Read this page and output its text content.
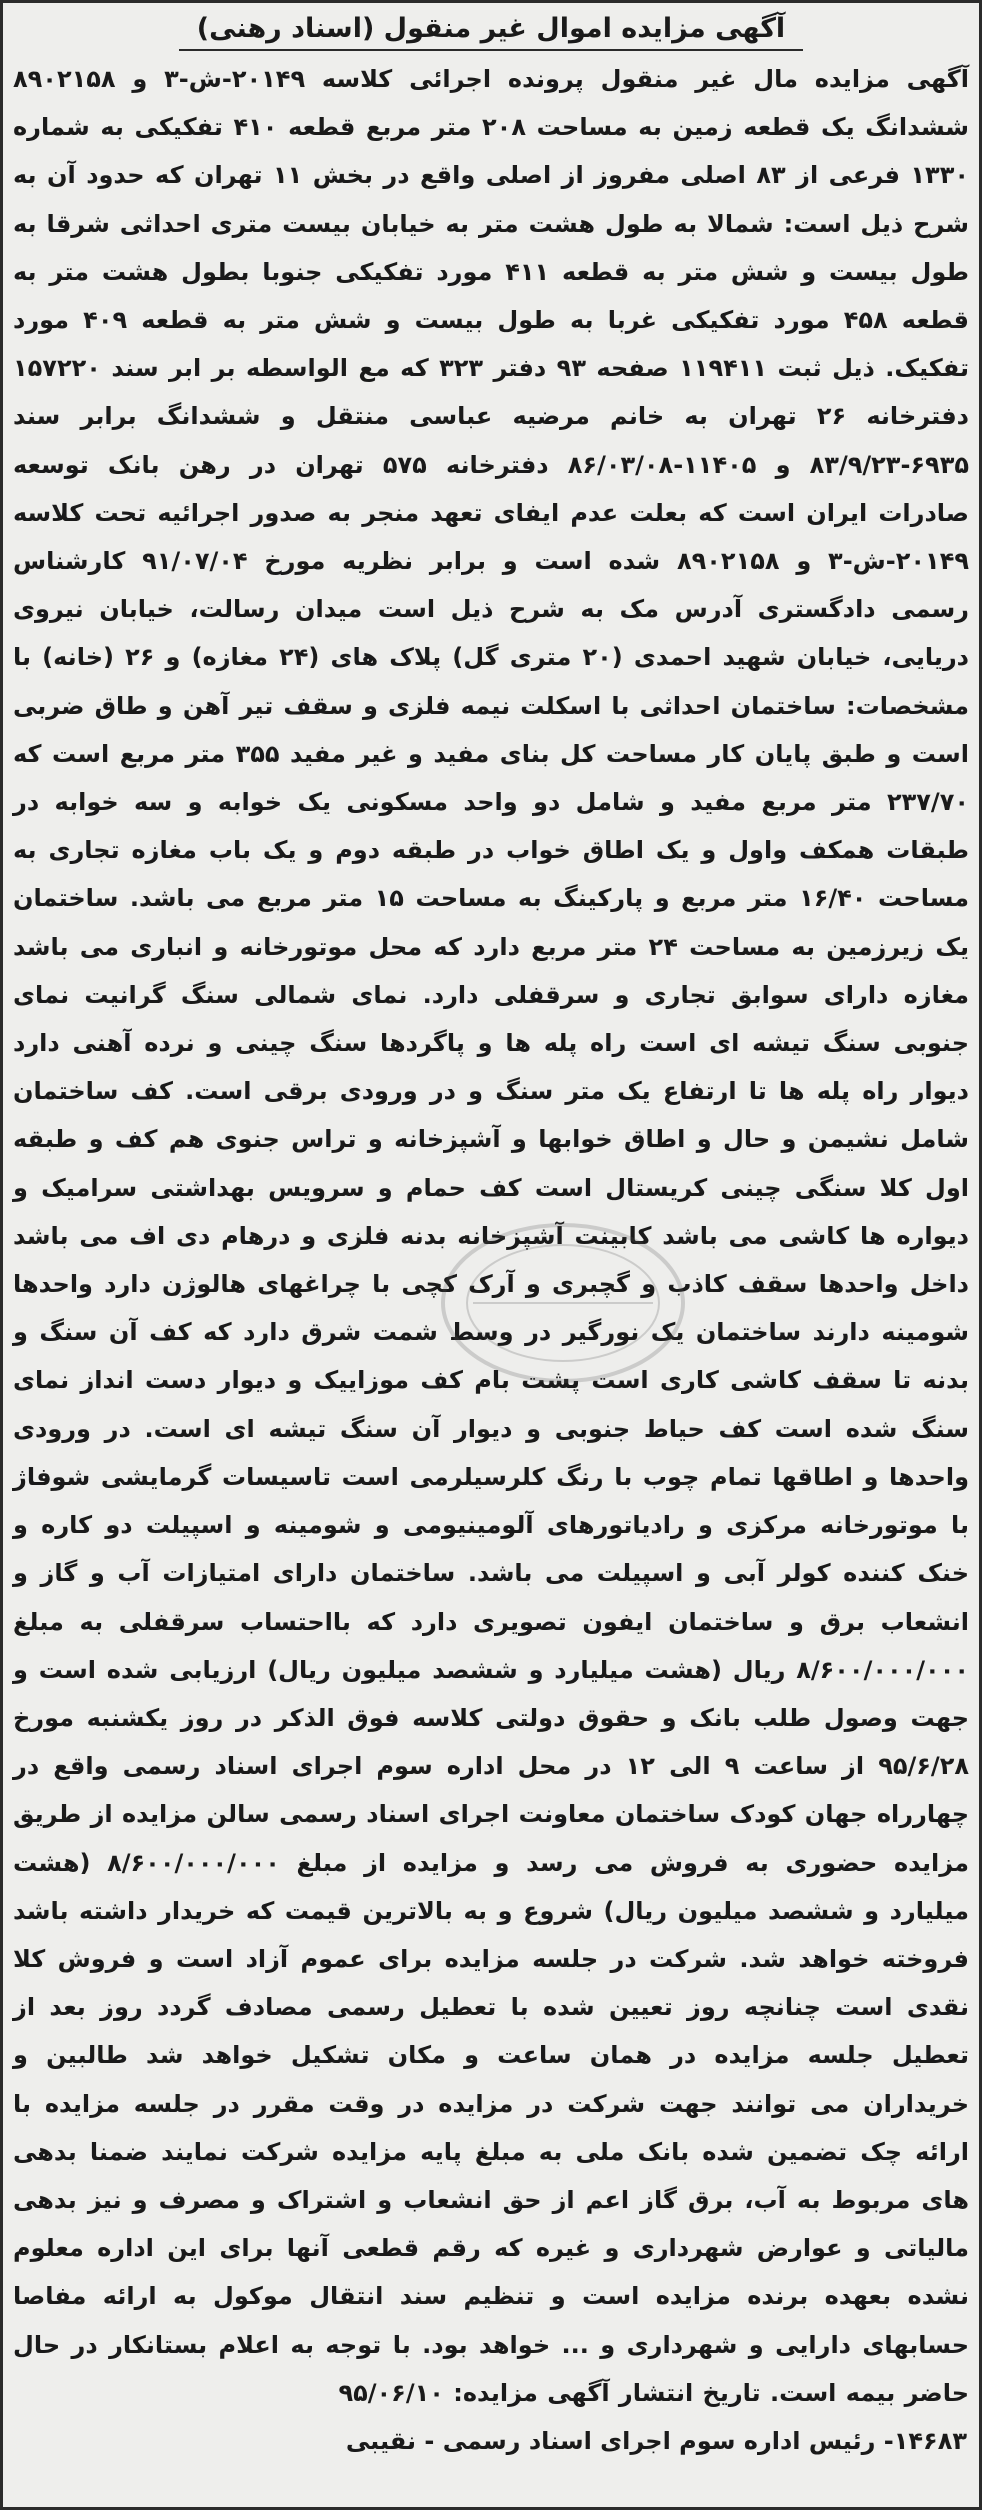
آگهی مزایده اموال غیر منقول (اسناد رهنی)
آگهی مزایده مال غیر منقول پرونده اجرائی کلاسه ۲۰۱۴۹-ش-۳ و ۸۹۰۲۱۵۸ ششدانگ یک قطعه زمین به مساحت ۲۰۸ متر مربع قطعه ۴۱۰ تفکیکی به شماره ۱۳۳۰ فرعی از ۸۳ اصلی مفروز از اصلی واقع در بخش ۱۱ تهران که حدود آن به شرح ذیل است: شمالا به طول هشت متر به خیابان بیست متری احداثی شرقا به طول بیست و شش متر به قطعه ۴۱۱ مورد تفکیکی جنوبا بطول هشت متر به قطعه ۴۵۸ مورد تفکیکی غربا به طول بیست و شش متر به قطعه ۴۰۹ مورد تفکیک. ذیل ثبت ۱۱۹۴۱۱ صفحه ۹۳ دفتر ۳۲۳ که مع الواسطه بر ابر سند ۱۵۷۲۲۰ دفترخانه ۲۶ تهران به خانم مرضیه عباسی منتقل و ششدانگ برابر سند ۶۹۳۵-۸۳/۹/۲۳ و ۱۱۴۰۵-۸۶/۰۳/۰۸ دفترخانه ۵۷۵ تهران در رهن بانک توسعه صادرات ایران است که بعلت عدم ایفای تعهد منجر به صدور اجرائیه تحت کلاسه ۲۰۱۴۹-ش-۳ و ۸۹۰۲۱۵۸ شده است و برابر نظریه مورخ ۹۱/۰۷/۰۴ کارشناس رسمی دادگستری آدرس مک به شرح ذیل است میدان رسالت، خیابان نیروی دریایی، خیابان شهید احمدی (۲۰ متری گل) پلاک های (۲۴ مغازه) و ۲۶ (خانه) با مشخصات: ساختمان احداثی با اسکلت نیمه فلزی و سقف تیر آهن و طاق ضربی است و طبق پایان کار مساحت کل بنای مفید و غیر مفید ۳۵۵ متر مربع است که ۲۳۷/۷۰ متر مربع مفید و شامل دو واحد مسکونی یک خوابه و سه خوابه در طبقات همکف واول و یک اطاق خواب در طبقه دوم و یک باب مغازه تجاری به مساحت ۱۶/۴۰ متر مربع و پارکینگ به مساحت ۱۵ متر مربع می باشد. ساختمان یک زیرزمین به مساحت ۲۴ متر مربع دارد که محل موتورخانه و انباری می باشد مغازه دارای سوابق تجاری و سرقفلی دارد. نمای شمالی سنگ گرانیت نمای جنوبی سنگ تیشه ای است راه پله ها و پاگردها سنگ چینی و نرده آهنی دارد دیوار راه پله ها تا ارتفاع یک متر سنگ و در ورودی برقی است. کف ساختمان شامل نشیمن و حال و اطاق خوابها و آشپزخانه و تراس جنوی هم کف و طبقه اول کلا سنگی چینی کریستال است کف حمام و سرویس بهداشتی سرامیک و دیواره ها کاشی می باشد کابینت آشپزخانه بدنه فلزی و درهام دی اف می باشد داخل واحدها سقف کاذب و گچبری و آرک کچی با چراغهای هالوژن دارد واحدها شومینه دارند ساختمان یک نورگیر در وسط شمت شرق دارد که کف آن سنگ و بدنه تا سقف کاشی کاری است پشت بام کف موزاییک و دیوار دست انداز نمای سنگ شده است کف حیاط جنوبی و دیوار آن سنگ تیشه ای است. در ورودی واحدها و اطاقها تمام چوب با رنگ کلرسیلرمی است تاسیسات گرمایشی شوفاژ با موتورخانه مرکزی و رادیاتورهای آلومینیومی و شومینه و اسپیلت دو کاره و خنک کننده کولر آبی و اسپیلت می باشد. ساختمان دارای امتیازات آب و گاز و انشعاب برق و ساختمان ایفون تصویری دارد که بااحتساب سرقفلی به مبلغ ۸/۶۰۰/۰۰۰/۰۰۰ ریال (هشت میلیارد و ششصد میلیون ریال) ارزیابی شده است و جهت وصول طلب بانک و حقوق دولتی کلاسه فوق الذکر در روز یکشنبه مورخ ۹۵/۶/۲۸ از ساعت ۹ الی ۱۲ در محل اداره سوم اجرای اسناد رسمی واقع در چهارراه جهان کودک ساختمان معاونت اجرای اسناد رسمی سالن مزایده از طریق مزایده حضوری به فروش می رسد و مزایده از مبلغ ۸/۶۰۰/۰۰۰/۰۰۰ (هشت میلیارد و ششصد میلیون ریال) شروع و به بالاترین قیمت که خریدار داشته باشد فروخته خواهد شد. شرکت در جلسه مزایده برای عموم آزاد است و فروش کلا نقدی است چنانچه روز تعیین شده با تعطیل رسمی مصادف گردد روز بعد از تعطیل جلسه مزایده در همان ساعت و مکان تشکیل خواهد شد طالبین و خریداران می توانند جهت شرکت در مزایده در وقت مقرر در جلسه مزایده با ارائه چک تضمین شده بانک ملی به مبلغ پایه مزایده شرکت نمایند ضمنا بدهی های مربوط به آب، برق گاز اعم از حق انشعاب و اشتراک و مصرف و نیز بدهی مالیاتی و عوارض شهرداری و غیره که رقم قطعی آنها برای این اداره معلوم نشده بعهده برنده مزایده است و تنظیم سند انتقال موکول به ارائه مفاصا حسابهای دارایی و شهرداری و ... خواهد بود. با توجه به اعلام بستانکار در حال حاضر بیمه است. تاریخ انتشار آگهی مزایده: ۹۵/۰۶/۱۰
۱۴۶۸۳- رئیس اداره سوم اجرای اسناد رسمی - نقیبی
